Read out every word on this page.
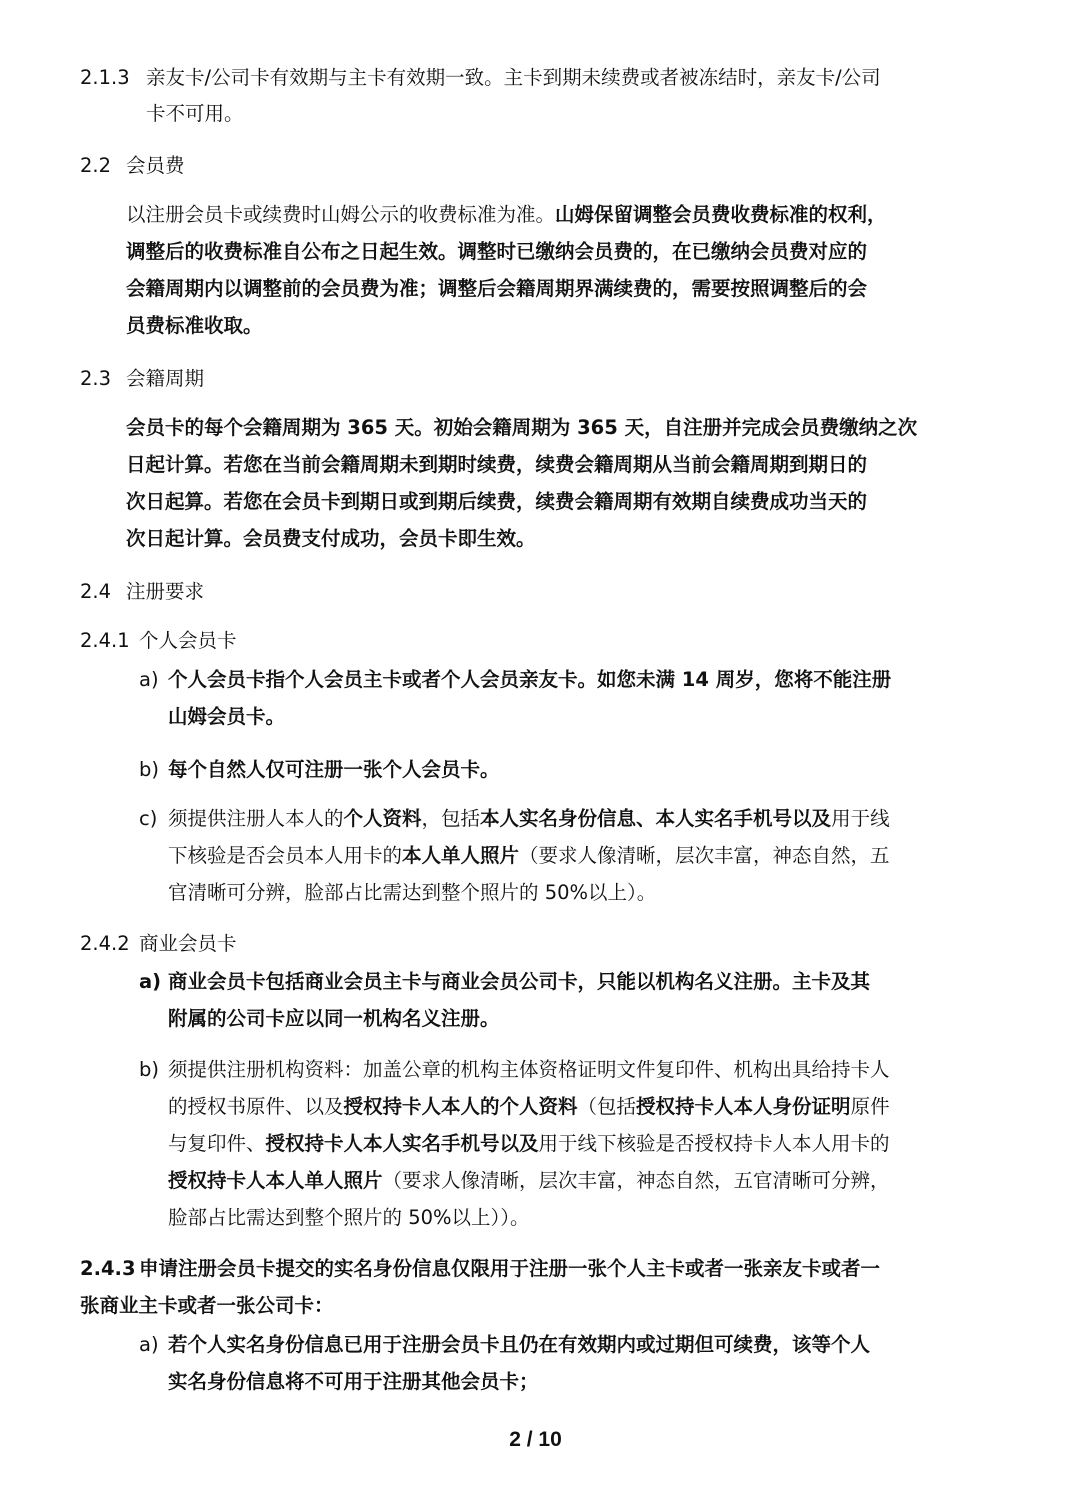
2.1.3 亲友卡/公司卡有效期与主卡有效期一致。主卡到期未续费或者被冻结时，亲友卡/公司
卡不可用。
2.2 会员费
以注册会员卡或续费时山姆公示的收费标准为准。山姆保留调整会员费收费标准的权利，
调整后的收费标准自公布之日起生效。调整时已缴纳会员费的，在已缴纳会员费对应的
会籍周期内以调整前的会员费为准；调整后会籍周期界满续费的，需要按照调整后的会
员费标准收取。
2.3 会籍周期
会员卡的每个会籍周期为 365 天。初始会籍周期为 365 天，自注册并完成会员费缴纳之次
日起计算。若您在当前会籍周期未到期时续费，续费会籍周期从当前会籍周期到期日的
次日起算。若您在会员卡到期日或到期后续费，续费会籍周期有效期自续费成功当天的
次日起计算。会员费支付成功，会员卡即生效。
2.4 注册要求
2.4.1 个人会员卡
a) 个人会员卡指个人会员主卡或者个人会员亲友卡。如您未满 14 周岁，您将不能注册
山姆会员卡。
b) 每个自然人仅可注册一张个人会员卡。
c) 须提供注册人本人的个人资料，包括本人实名身份信息、本人实名手机号以及用于线
下核验是否会员本人用卡的本人单人照片（要求人像清晰，层次丰富，神态自然，五
官清晰可分辨，脸部占比需达到整个照片的 50%以上）。
2.4.2 商业会员卡
a) 商业会员卡包括商业会员主卡与商业会员公司卡，只能以机构名义注册。主卡及其
附属的公司卡应以同一机构名义注册。
b) 须提供注册机构资料：加盖公章的机构主体资格证明文件复印件、机构出具给持卡人
的授权书原件、以及授权持卡人本人的个人资料（包括授权持卡人本人身份证明原件
与复印件、授权持卡人本人实名手机号以及用于线下核验是否授权持卡人本人用卡的
授权持卡人本人单人照片（要求人像清晰，层次丰富，神态自然，五官清晰可分辨，
脸部占比需达到整个照片的 50%以上））。
2.4.3 申请注册会员卡提交的实名身份信息仅限用于注册一张个人主卡或者一张亲友卡或者一
张商业主卡或者一张公司卡：
a) 若个人实名身份信息已用于注册会员卡且仍在有效期内或过期但可续费，该等个人
实名身份信息将不可用于注册其他会员卡；
2 / 10
